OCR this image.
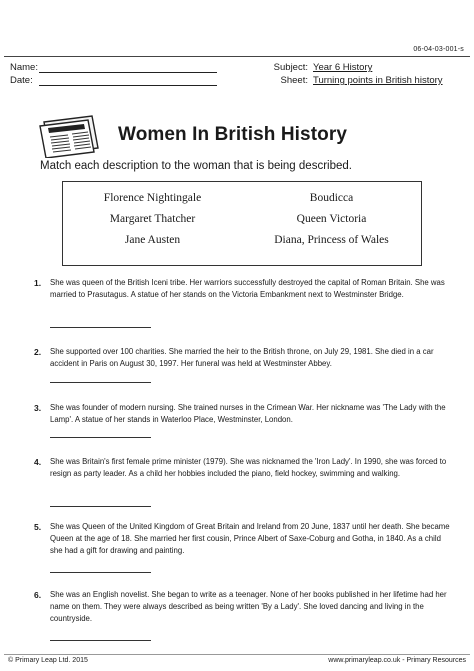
06-04-03-001-s
Name:
Date:
Subject: Year 6 History
Sheet: Turning points in British history
Women In British History
Match each description to the woman that is being described.
Florence Nightingale	Boudicca
Margaret Thatcher	Queen Victoria
Jane Austen	Diana, Princess of Wales
1. She was queen of the British Iceni tribe. Her warriors successfully destroyed the capital of Roman Britain. She was married to Prasutagus. A statue of her stands on the Victoria Embankment next to Westminster Bridge.
2. She supported over 100 charities. She married the heir to the British throne, on July 29, 1981. She died in a car accident in Paris on August 30, 1997. Her funeral was held at Westminster Abbey.
3. She was founder of modern nursing. She trained nurses in the Crimean War. Her nickname was 'The Lady with the Lamp'. A statue of her stands in Waterloo Place, Westminster, London.
4. She was Britain's first female prime minister (1979). She was nicknamed the 'Iron Lady'. In 1990, she was forced to resign as party leader. As a child her hobbies included the piano, field hockey, swimming and walking.
5. She was Queen of the United Kingdom of Great Britain and Ireland from 20 June, 1837 until her death. She became Queen at the age of 18. She married her first cousin, Prince Albert of Saxe-Coburg and Gotha, in 1840. As a child she had a gift for drawing and painting.
6. She was an English novelist. She began to write as a teenager. None of her books published in her lifetime had her name on them. They were always described as being written 'By a Lady'. She loved dancing and living in the countryside.
© Primary Leap Ltd. 2015	www.primaryleap.co.uk - Primary Resources
